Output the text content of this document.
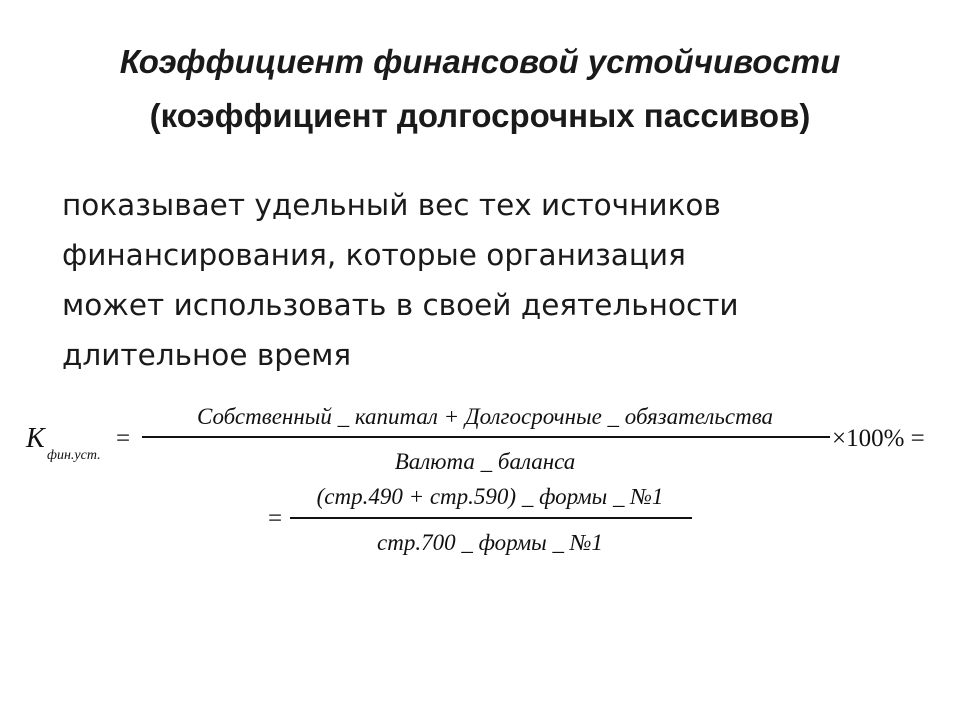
Коэффициент финансовой устойчивости
(коэффициент долгосрочных пассивов)
показывает удельный вес тех источников
финансирования, которые организация
может использовать в своей деятельности
длительное время
К
фин.уст.
=
Собственный _ капитал + Долгосрочные _ обязательства
Валюта _ баланса
×100% =
=
(стр.490 + стр.590) _ формы _ №1
стр.700 _ формы _ №1
